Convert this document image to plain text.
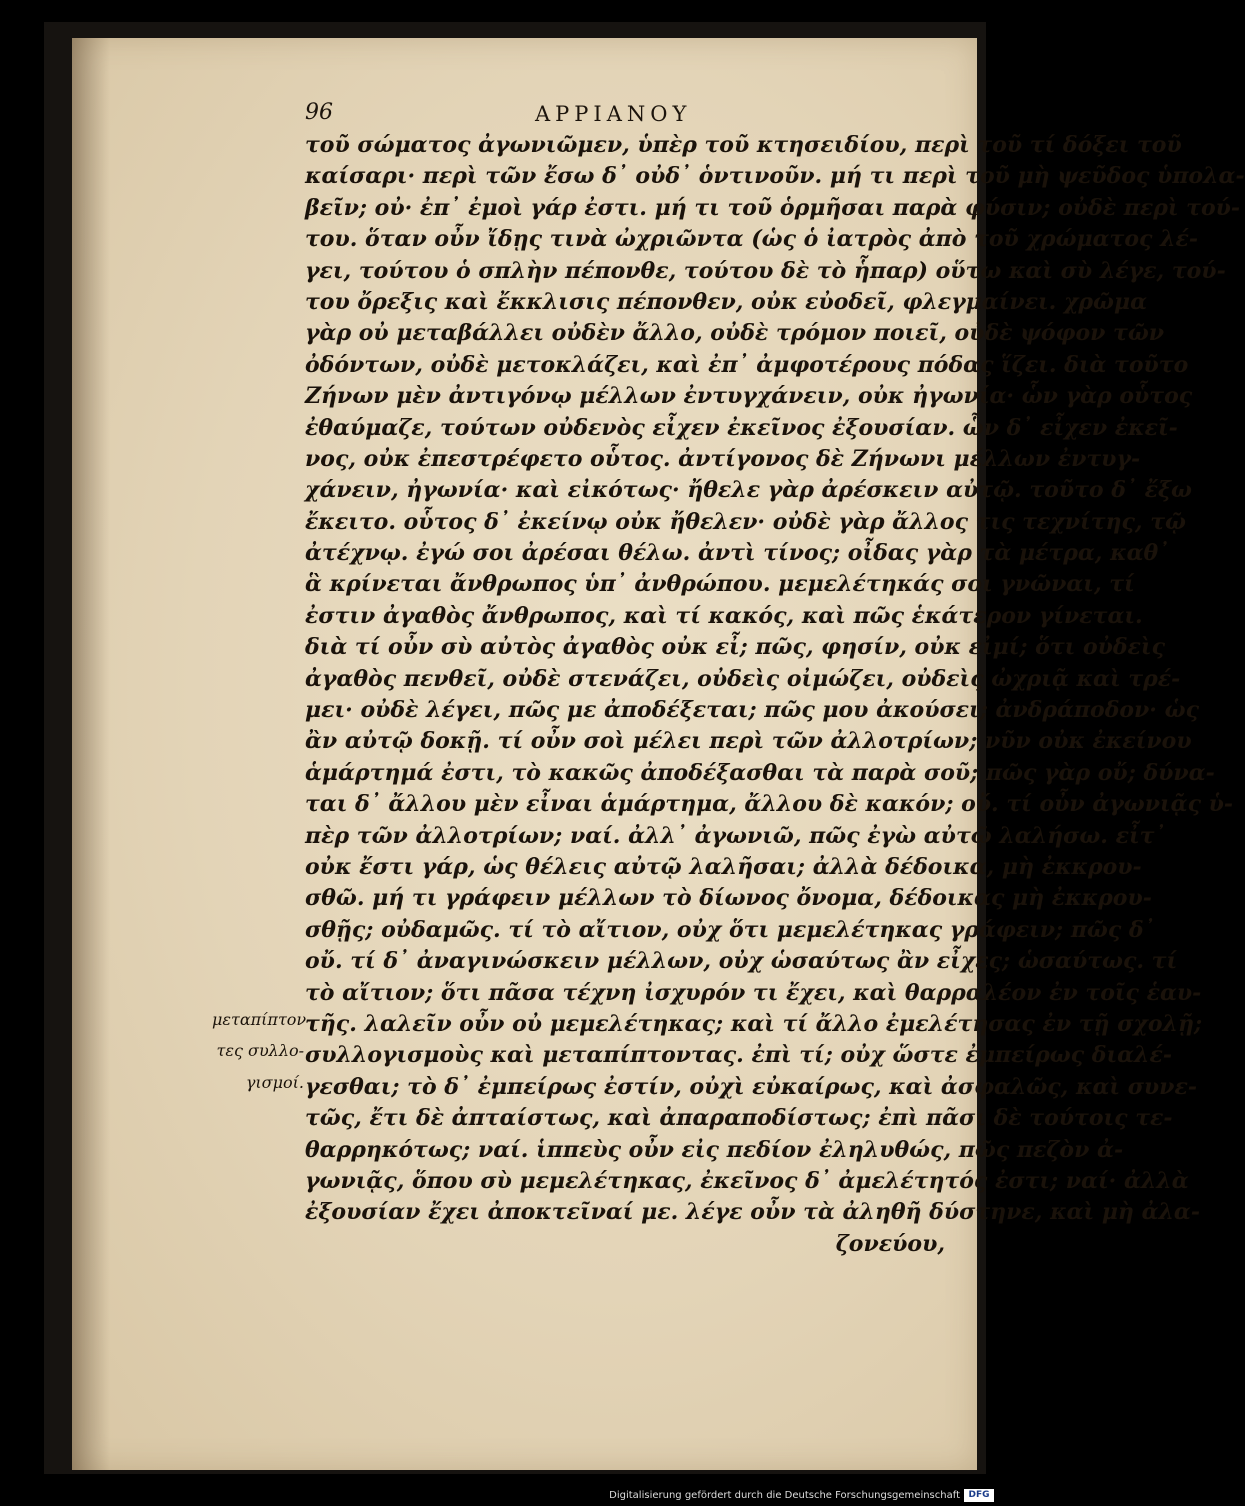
96	ΑΡΡΙΑΝΟΥ
τοῦ σώματος ἀγωνιῶμεν, ὑπὲρ τοῦ κτησειδίου, περὶ τοῦ τί δόξει τοῦ
καίσαρι· περὶ τῶν ἔσω δ᾽ οὐδ᾽ ὁντινοῦν. μή τι περὶ τοῦ μὴ ψεῦδος ὑπολα-
βεῖν; οὐ· ἐπ᾽ ἐμοὶ γάρ ἐστι. μή τι τοῦ ὁρμῆσαι παρὰ φύσιν; οὐδὲ περὶ τού-
του. ὅταν οὖν ἴδῃς τινὰ ὠχριῶντα (ὡς ὁ ἰατρὸς ἀπὸ τοῦ χρώματος λέ-
γει, τούτου ὁ σπλὴν πέπονθε, τούτου δὲ τὸ ἧπαρ) οὕτω καὶ σὺ λέγε, τού-
του ὄρεξις καὶ ἔκκλισις πέπονθεν, οὐκ εὐοδεῖ, φλεγμαίνει. χρῶμα
γὰρ οὐ μεταβάλλει οὐδὲν ἄλλο, οὐδὲ τρόμον ποιεῖ, οὐδὲ ψόφον τῶν
ὀδόντων, οὐδὲ μετοκλάζει, καὶ ἐπ᾽ ἀμφοτέρους πόδας ἵζει. διὰ τοῦτο
Ζήνων μὲν ἀντιγόνῳ μέλλων ἐντυγχάνειν, οὐκ ἠγωνία· ὧν γὰρ οὗτος
ἐθαύμαζε, τούτων οὐδενὸς εἶχεν ἐκεῖνος ἐξουσίαν. ὧν δ᾽ εἶχεν ἐκεῖ-
νος, οὐκ ἐπεστρέφετο οὗτος. ἀντίγονος δὲ Ζήνωνι μέλλων ἐντυγ-
χάνειν, ἠγωνία· καὶ εἰκότως· ἤθελε γὰρ ἀρέσκειν αὐτῷ. τοῦτο δ᾽ ἔξω
ἔκειτο. οὗτος δ᾽ ἐκείνῳ οὐκ ἤθελεν· οὐδὲ γὰρ ἄλλος τις τεχνίτης, τῷ
ἀτέχνῳ. ἐγώ σοι ἀρέσαι θέλω. ἀντὶ τίνος; οἶδας γὰρ τὰ μέτρα, καθ᾽
ἃ κρίνεται ἄνθρωπος ὑπ᾽ ἀνθρώπου. μεμελέτηκάς σοι γνῶναι, τί
ἐστιν ἀγαθὸς ἄνθρωπος, καὶ τί κακός, καὶ πῶς ἑκάτερον γίνεται.
διὰ τί οὖν σὺ αὐτὸς ἀγαθὸς οὐκ εἶ; πῶς, φησίν, οὐκ εἰμί; ὅτι οὐδεὶς
ἀγαθὸς πενθεῖ, οὐδὲ στενάζει, οὐδεὶς οἰμώζει, οὐδεὶς ὠχριᾷ καὶ τρέ-
μει· οὐδὲ λέγει, πῶς με ἀποδέξεται; πῶς μου ἀκούσει; ἀνδράποδον· ὡς
ἂν αὐτῷ δοκῇ. τί οὖν σοὶ μέλει περὶ τῶν ἀλλοτρίων; νῦν οὐκ ἐκείνου
ἁμάρτημά ἐστι, τὸ κακῶς ἀποδέξασθαι τὰ παρὰ σοῦ; πῶς γὰρ οὔ; δύνα-
ται δ᾽ ἄλλου μὲν εἶναι ἁμάρτημα, ἄλλου δὲ κακόν; οὔ. τί οὖν ἀγωνιᾷς ὑ-
πὲρ τῶν ἀλλοτρίων; ναί. ἀλλ᾽ ἀγωνιῶ, πῶς ἐγὼ αὐτῷ λαλήσω. εἶτ᾽
οὐκ ἔστι γάρ, ὡς θέλεις αὐτῷ λαλῆσαι; ἀλλὰ δέδοικα, μὴ ἐκκρου-
σθῶ. μή τι γράφειν μέλλων τὸ δίωνος ὄνομα, δέδοικας μὴ ἐκκρου-
σθῇς; οὐδαμῶς. τί τὸ αἴτιον, οὐχ ὅτι μεμελέτηκας γράφειν; πῶς δ᾽
οὔ. τί δ᾽ ἀναγινώσκειν μέλλων, οὐχ ὡσαύτως ἂν εἶχες; ὡσαύτως. τί
τὸ αἴτιον; ὅτι πᾶσα τέχνη ἰσχυρόν τι ἔχει, καὶ θαρραλέον ἐν τοῖς ἑαυ-
τῆς. λαλεῖν οὖν οὐ μεμελέτηκας; καὶ τί ἄλλο ἐμελέτησας ἐν τῇ σχολῇ;
συλλογισμοὺς καὶ μεταπίπτοντας. ἐπὶ τί; οὐχ ὥστε ἐμπείρως διαλέ-
γεσθαι; τὸ δ᾽ ἐμπείρως ἐστίν, οὐχὶ εὐκαίρως, καὶ ἀσφαλῶς, καὶ συνε-
τῶς, ἔτι δὲ ἀπταίστως, καὶ ἀπαραποδίστως; ἐπὶ πᾶσι δὲ τούτοις τε-
θαρρηκότως; ναί. ἱππεὺς οὖν εἰς πεδίον ἐληλυθώς, πῶς πεζὸν ἀ-
γωνιᾷς, ὅπου σὺ μεμελέτηκας, ἐκεῖνος δ᾽ ἀμελέτητός ἐστι; ναί· ἀλλὰ
ἐξουσίαν ἔχει ἀποκτεῖναί με. λέγε οὖν τὰ ἀληθῆ δύστηνε, καὶ μὴ ἀλα-
ζονεύου,
μεταπίπτον-
τες συλλο-
γισμοί.
Digitalisierung gefördert durch die Deutsche Forschungsgemeinschaft DFG
